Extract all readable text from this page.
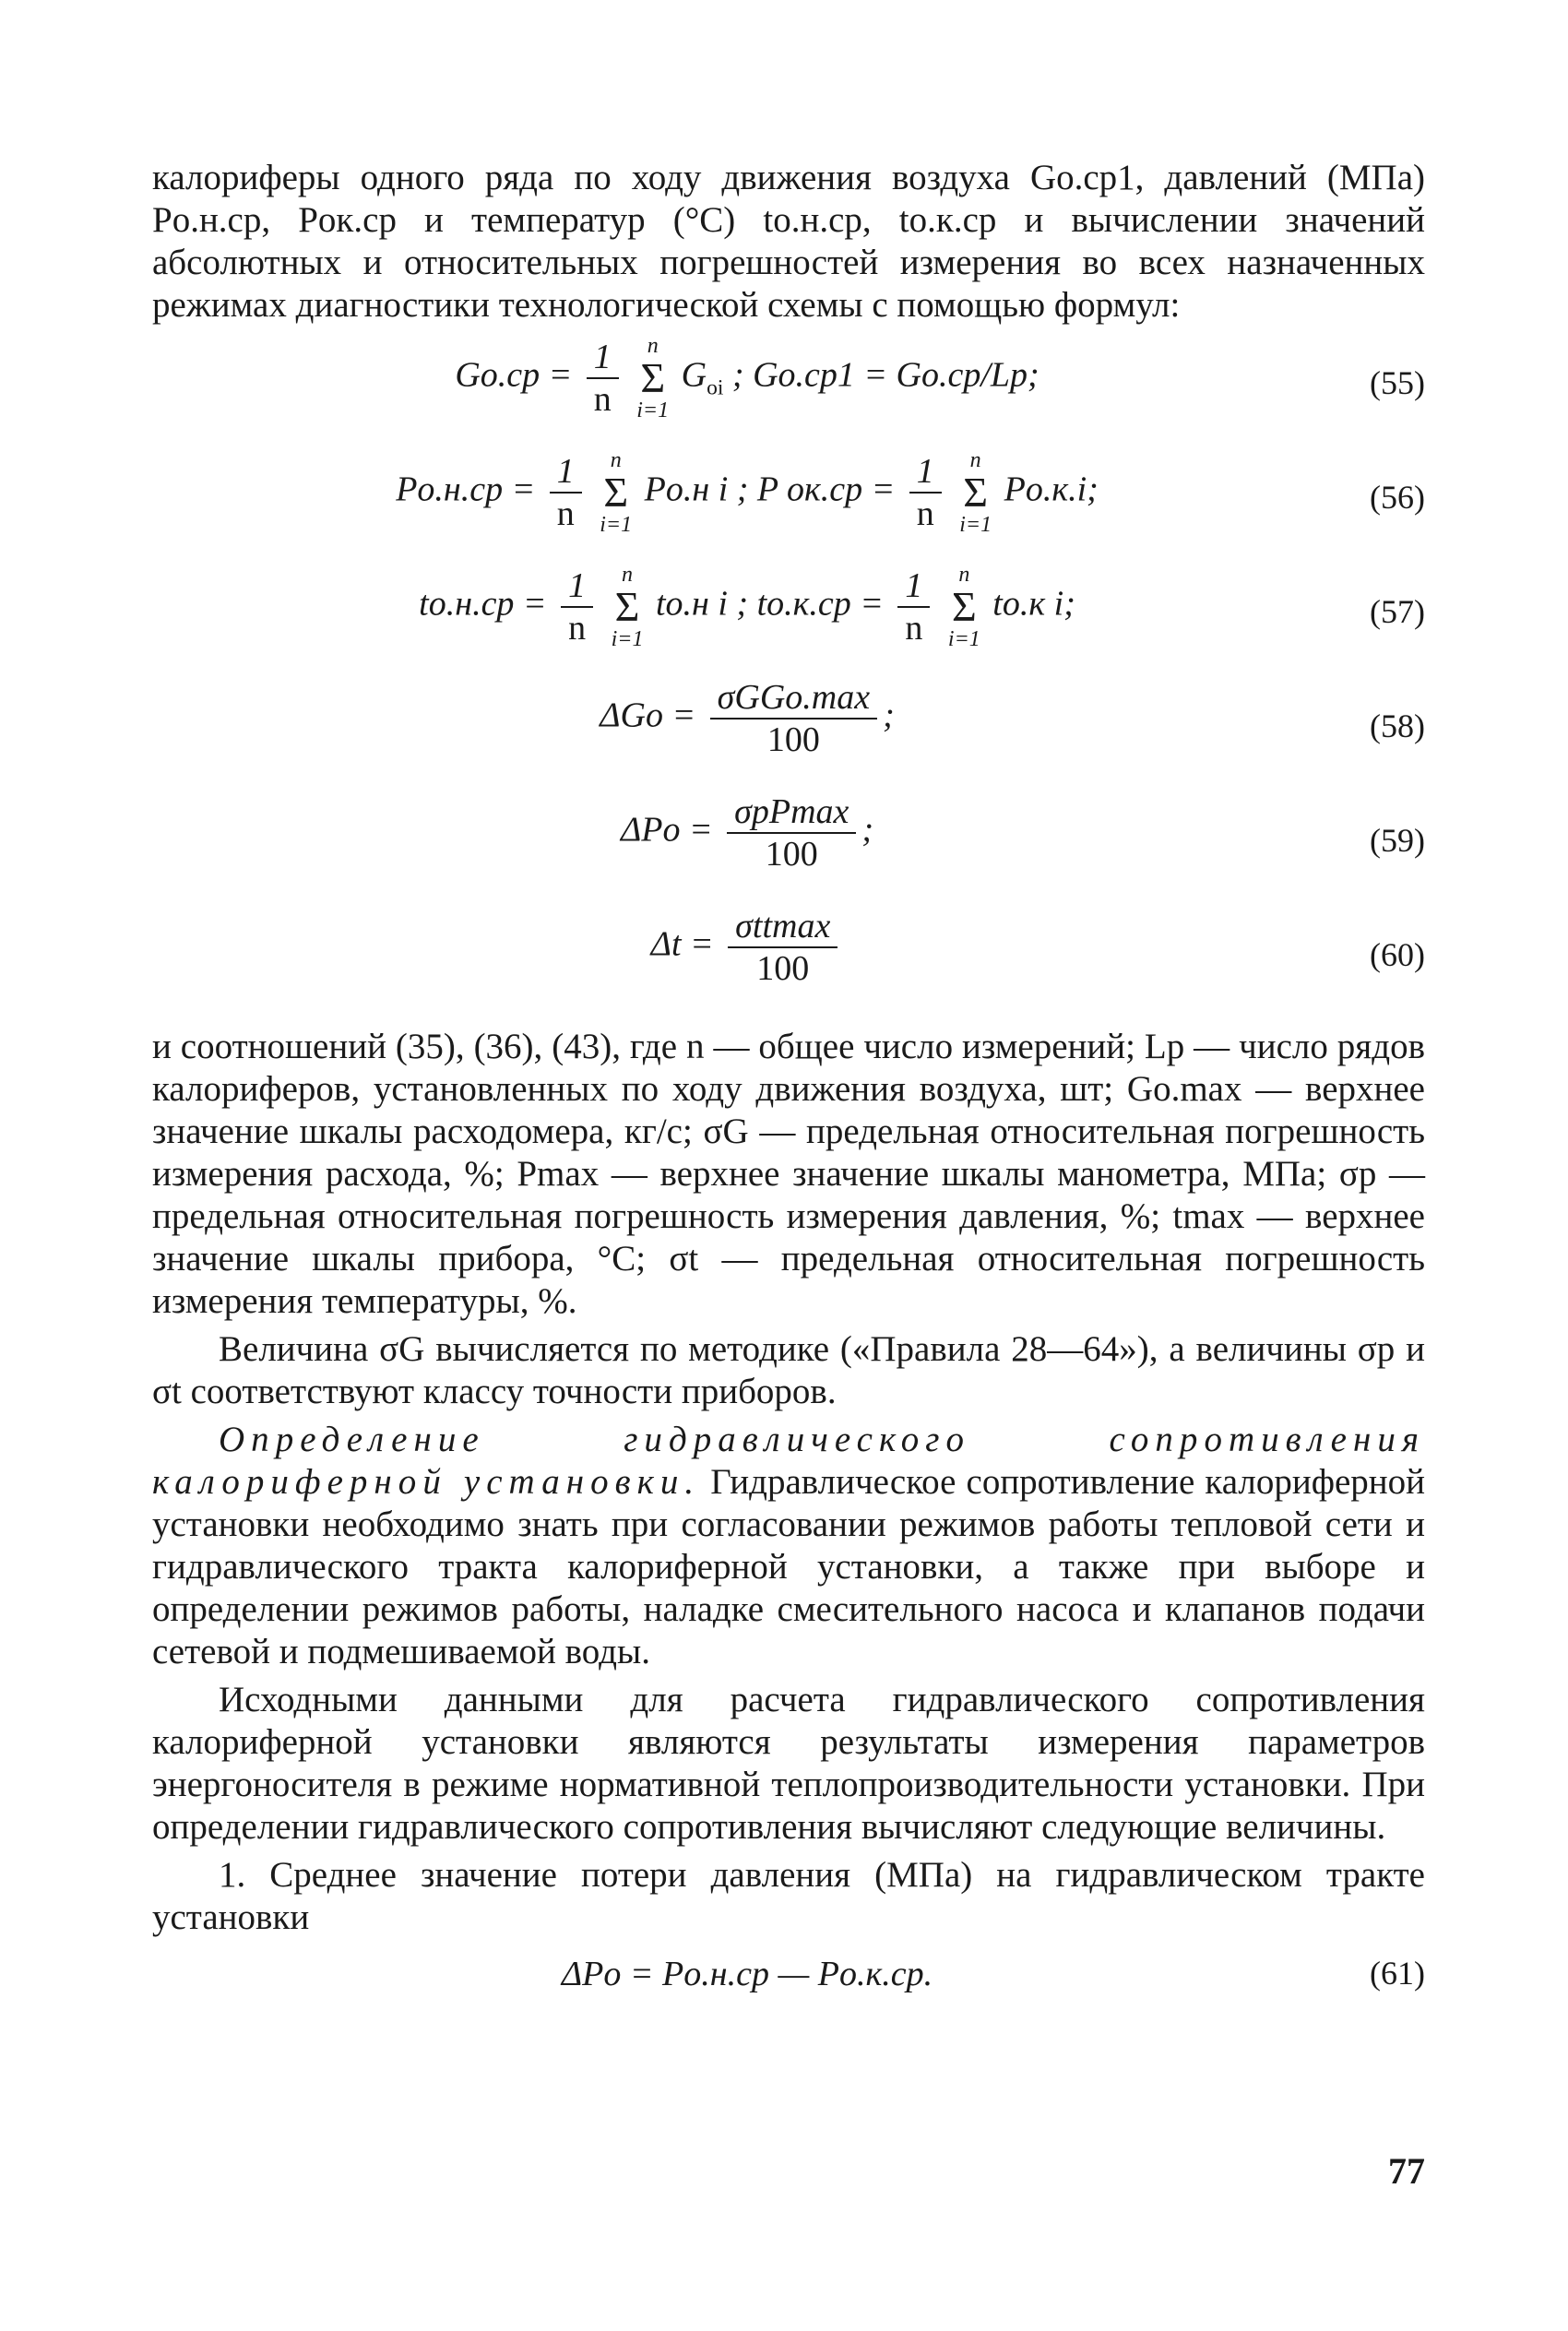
калориферы одного ряда по ходу движения воздуха Gо.ср1, давлений (МПа) Pо.н.ср, Pок.ср и температур (°C) tо.н.ср, tо.к.ср и вычислении значений абсолютных и относительных погрешностей измерения во всех назначенных режимах диагностики технологической схемы с помощью формул:

$Gо.ср = \frac{1}{n}$
	n
Σ
i=1
$G_{oi}$ ; Gо.ср1 = Gо.ср/Lp;	(55)
$Pо.н.ср = \frac{1}{n}$
	n
Σ
i=1
Po.н i ; P $ок.ср = \frac{1}{n}$
	n
Σ
i=1
Po.к.i;	(56)
$tо.н.ср = \frac{1}{n}$
	n
Σ
i=1
to.н i ; $tо.к.ср = \frac{1}{n}$
	n
Σ
i=1
to.к i;	(57)
$\Delta Gо = \frac{\text{σGGo.max}}{100}$ ;	(58)
$\Delta Pо = \frac{\text{σpPmax}}{100}$ ;	(59)
$\Delta t = \frac{\text{σttmax}}{100}$	(60)

и соотношений (35), (36), (43), где n — общее число измерений; Lp — число рядов калориферов, установленных по ходу движения воздуха, шт; Go.max — верхнее значение шкалы расходомера, кг/с; σG — предельная относительная погрешность измерения расхода, %; Pmax — верхнее значение шкалы манометра, МПа; σp — предельная относительная погрешность измерения давления, %; tmax — верхнее значение шкалы прибора, °C; σt — предельная относительная погрешность измерения температуры, %.

Величина σG вычисляется по методике («Правила 28—64»), а величины σp и σt соответствуют классу точности приборов.

Определение гидравлического сопротивления калориферной установки. Гидравлическое сопротивление калориферной установки необходимо знать при согласовании режимов работы тепловой сети и гидравлического тракта калориферной установки, а также при выборе и определении режимов работы, наладке смесительного насоса и клапанов подачи сетевой и подмешиваемой воды.

Исходными данными для расчета гидравлического сопротивления калориферной установки являются результаты измерения параметров энергоносителя в режиме нормативной теплопроизводительности установки. При определении гидравлического сопротивления вычисляют следующие величины.

1. Среднее значение потери давления (МПа) на гидравлическом тракте установки

ΔPо = Pо.н.ср — Pо.к.ср.	(61)
77
